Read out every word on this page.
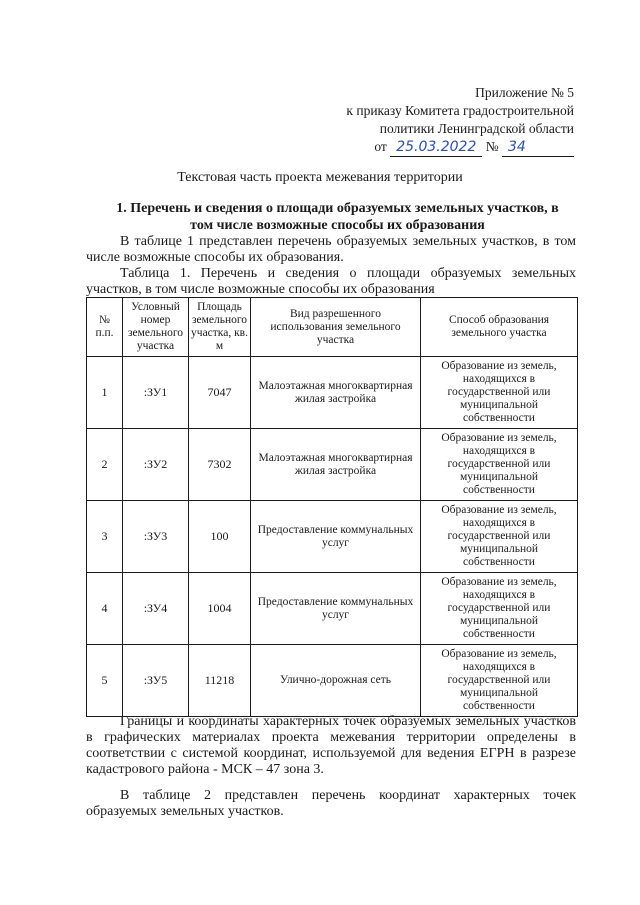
Приложение № 5
к приказу Комитета градостроительной
политики Ленинградской области
от 25.03.2022 № 34
Текстовая часть проекта межевания территории
1. Перечень и сведения о площади образуемых земельных участков, в
том числе возможные способы их образования
В таблице 1 представлен перечень образуемых земельных участков, в том числе возможные способы их образования.
Таблица 1. Перечень и сведения о площади образуемых земельных участков, в том числе возможные способы их образования
№ п.п.	Условный номер земельного участка	Площадь земельного участка, кв. м	Вид разрешенного использования земельного участка	Способ образования земельного участка
1	:ЗУ1	7047	Малоэтажная многоквартирная жилая застройка	Образование из земель, находящихся в государственной или муниципальной собственности
2	:ЗУ2	7302	Малоэтажная многоквартирная жилая застройка	Образование из земель, находящихся в государственной или муниципальной собственности
3	:ЗУ3	100	Предоставление коммунальных услуг	Образование из земель, находящихся в государственной или муниципальной собственности
4	:ЗУ4	1004	Предоставление коммунальных услуг	Образование из земель, находящихся в государственной или муниципальной собственности
5	:ЗУ5	11218	Улично-дорожная сеть	Образование из земель, находящихся в государственной или муниципальной собственности
Границы и координаты характерных точек образуемых земельных участков в графических материалах проекта межевания территории определены в соответствии с системой координат, используемой для ведения ЕГРН в разрезе кадастрового района - МСК – 47 зона 3.
В таблице 2 представлен перечень координат характерных точек образуемых земельных участков.
